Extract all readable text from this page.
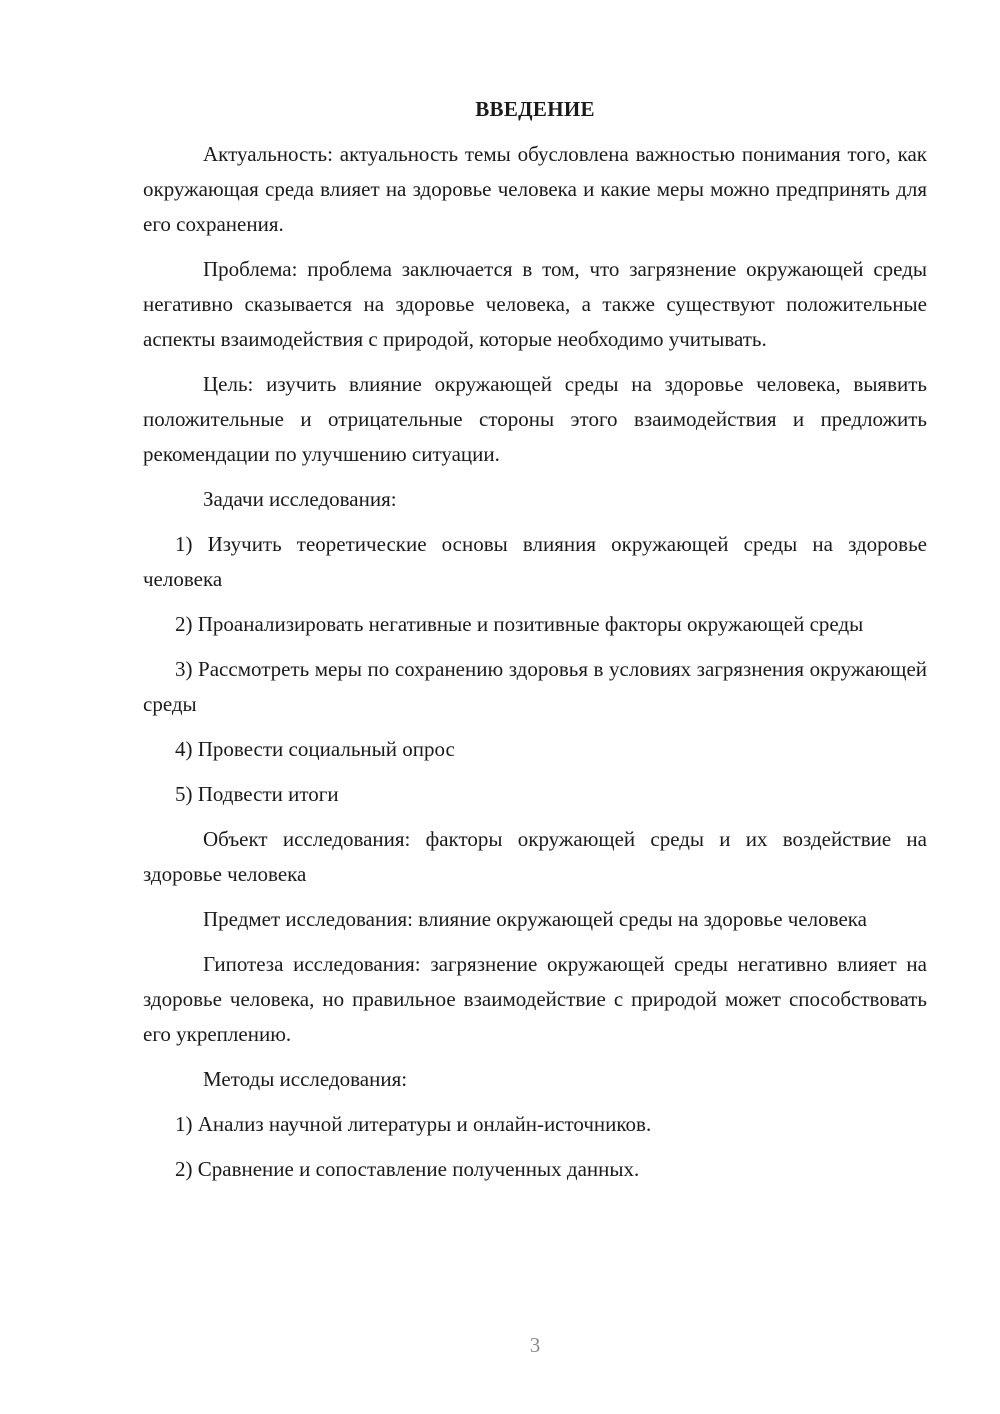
ВВЕДЕНИЕ

Актуальность: актуальность темы обусловлена важностью понимания того, как окружающая среда влияет на здоровье человека и какие меры можно предпринять для его сохранения.

Проблема: проблема заключается в том, что загрязнение окружающей среды негативно сказывается на здоровье человека, а также существуют положительные аспекты взаимодействия с природой, которые необходимо учитывать.

Цель: изучить влияние окружающей среды на здоровье человека, выявить положительные и отрицательные стороны этого взаимодействия и предложить рекомендации по улучшению ситуации.

Задачи исследования:

1) Изучить теоретические основы влияния окружающей среды на здоровье человека

2) Проанализировать негативные и позитивные факторы окружающей среды

3) Рассмотреть меры по сохранению здоровья в условиях загрязнения окружающей среды

4) Провести социальный опрос

5) Подвести итоги

Объект исследования: факторы окружающей среды и их воздействие на здоровье человека

Предмет исследования: влияние окружающей среды на здоровье человека

Гипотеза исследования: загрязнение окружающей среды негативно влияет на здоровье человека, но правильное взаимодействие с природой может способствовать его укреплению.

Методы исследования:

1) Анализ научной литературы и онлайн-источников.

2) Сравнение и сопоставление полученных данных.

3
